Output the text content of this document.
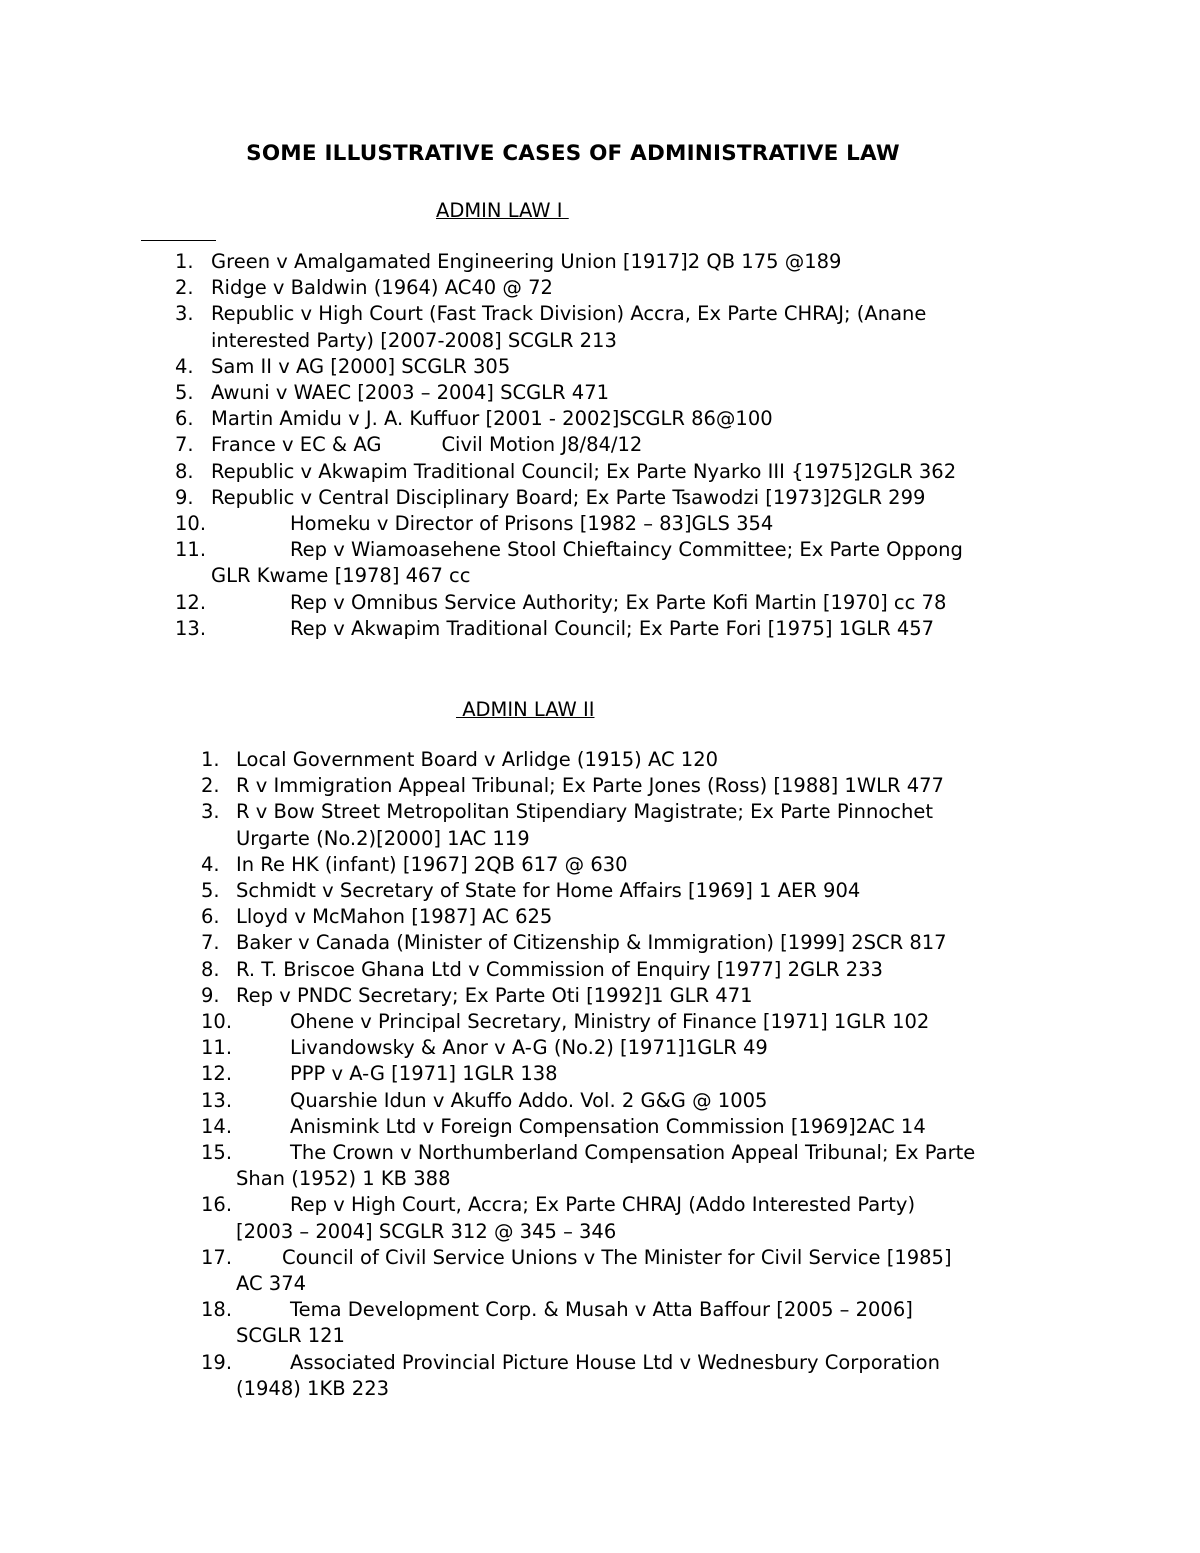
SOME ILLUSTRATIVE CASES OF ADMINISTRATIVE LAW
ADMIN LAW I
1. Green v Amalgamated Engineering Union [1917]2 QB 175 @189
2. Ridge v Baldwin (1964) AC40 @ 72
3. Republic v High Court (Fast Track Division) Accra, Ex Parte CHRAJ; (Anane
interested Party) [2007-2008] SCGLR 213
4. Sam II v AG [2000] SCGLR 305
5. Awuni v WAEC [2003 – 2004] SCGLR 471
6. Martin Amidu v J. A. Kuffuor [2001 - 2002]SCGLR 86@100
7. France v EC & AG	Civil Motion J8/84/12
8. Republic v Akwapim Traditional Council; Ex Parte Nyarko III {1975]2GLR 362
9. Republic v Central Disciplinary Board; Ex Parte Tsawodzi [1973]2GLR 299
10.	Homeku v Director of Prisons [1982 – 83]GLS 354
11.	Rep v Wiamoasehene Stool Chieftaincy Committee; Ex Parte Oppong
GLR Kwame [1978] 467 cc
12.	Rep v Omnibus Service Authority; Ex Parte Kofi Martin [1970] cc 78
13.	Rep v Akwapim Traditional Council; Ex Parte Fori [1975] 1GLR 457
ADMIN LAW II
1. Local Government Board v Arlidge (1915) AC 120
2. R v Immigration Appeal Tribunal; Ex Parte Jones (Ross) [1988] 1WLR 477
3. R v Bow Street Metropolitan Stipendiary Magistrate; Ex Parte Pinnochet
Urgarte (No.2)[2000] 1AC 119
4. In Re HK (infant) [1967] 2QB 617 @ 630
5. Schmidt v Secretary of State for Home Affairs [1969] 1 AER 904
6. Lloyd v McMahon [1987] AC 625
7. Baker v Canada (Minister of Citizenship & Immigration) [1999] 2SCR 817
8. R. T. Briscoe Ghana Ltd v Commission of Enquiry [1977] 2GLR 233
9. Rep v PNDC Secretary; Ex Parte Oti [1992]1 GLR 471
10.	Ohene v Principal Secretary, Ministry of Finance [1971] 1GLR 102
11.	Livandowsky & Anor v A-G (No.2) [1971]1GLR 49
12.	PPP v A-G [1971] 1GLR 138
13.	Quarshie Idun v Akuffo Addo. Vol. 2 G&G @ 1005
14.	Anismink Ltd v Foreign Compensation Commission [1969]2AC 14
15.	The Crown v Northumberland Compensation Appeal Tribunal; Ex Parte
Shan (1952) 1 KB 388
16.	Rep v High Court, Accra; Ex Parte CHRAJ (Addo Interested Party)
[2003 – 2004] SCGLR 312 @ 345 – 346
17.	Council of Civil Service Unions v The Minister for Civil Service [1985]
AC 374
18.	Tema Development Corp. & Musah v Atta Baffour [2005 – 2006]
SCGLR 121
19.	Associated Provincial Picture House Ltd v Wednesbury Corporation
(1948) 1KB 223
